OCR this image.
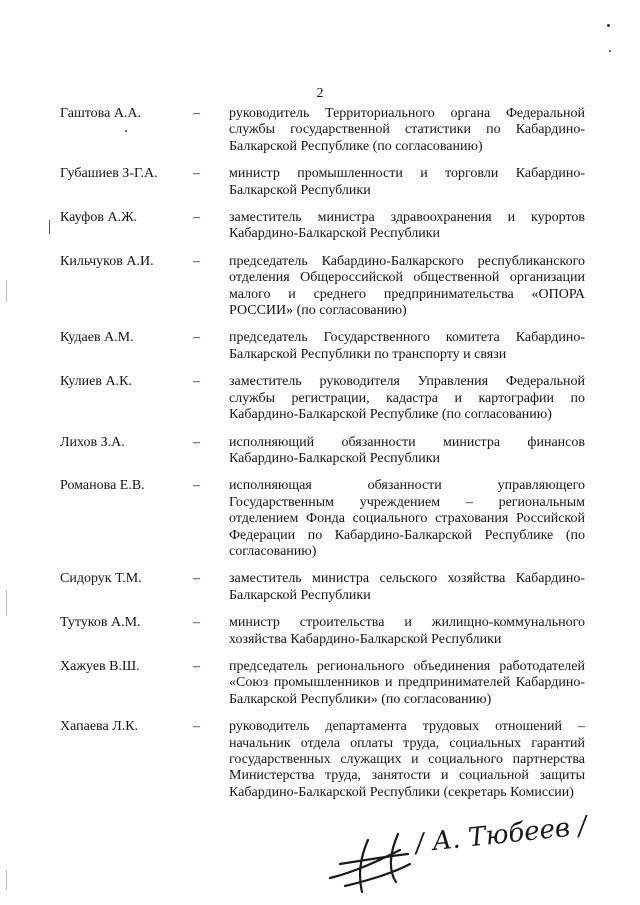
2
Гаштова А.А.	–	руководитель Территориального органа Федеральной службы государственной статистики по Кабардино-Балкарской Республике (по согласованию)
Губашиев З-Г.А.	–	министр промышленности и торговли Кабардино-Балкарской Республики
Кауфов А.Ж.	–	заместитель министра здравоохранения и курортов Кабардино-Балкарской Республики
Кильчуков А.И.	–	председатель Кабардино-Балкарского республиканского отделения Общероссийской общественной организации малого и среднего предпринимательства «ОПОРА РОССИИ» (по согласованию)
Кудаев А.М.	–	председатель Государственного комитета Кабардино-Балкарской Республики по транспорту и связи
Кулиев А.К.	–	заместитель руководителя Управления Федеральной службы регистрации, кадастра и картографии по Кабардино-Балкарской Республике (по согласованию)
Лихов З.А.	–	исполняющий обязанности министра финансов Кабардино-Балкарской Республики
Романова Е.В.	–	исполняющая обязанности управляющего Государственным учреждением – региональным отделением Фонда социального страхования Российской Федерации по Кабардино-Балкарской Республике (по согласованию)
Сидорук Т.М.	–	заместитель министра сельского хозяйства Кабардино-Балкарской Республики
Тутуков А.М.	–	министр строительства и жилищно-коммунального хозяйства Кабардино-Балкарской Республики
Хажуев В.Ш.	–	председатель регионального объединения работодателей «Союз промышленников и предпринимателей Кабардино-Балкарской Республики» (по согласованию)
Хапаева Л.К.	–	руководитель департамента трудовых отношений – начальник отдела оплаты труда, социальных гарантий государственных служащих и социального партнерства Министерства труда, занятости и социальной защиты Кабардино-Балкарской Республики (секретарь Комиссии)
/ А. Тюбеев /
